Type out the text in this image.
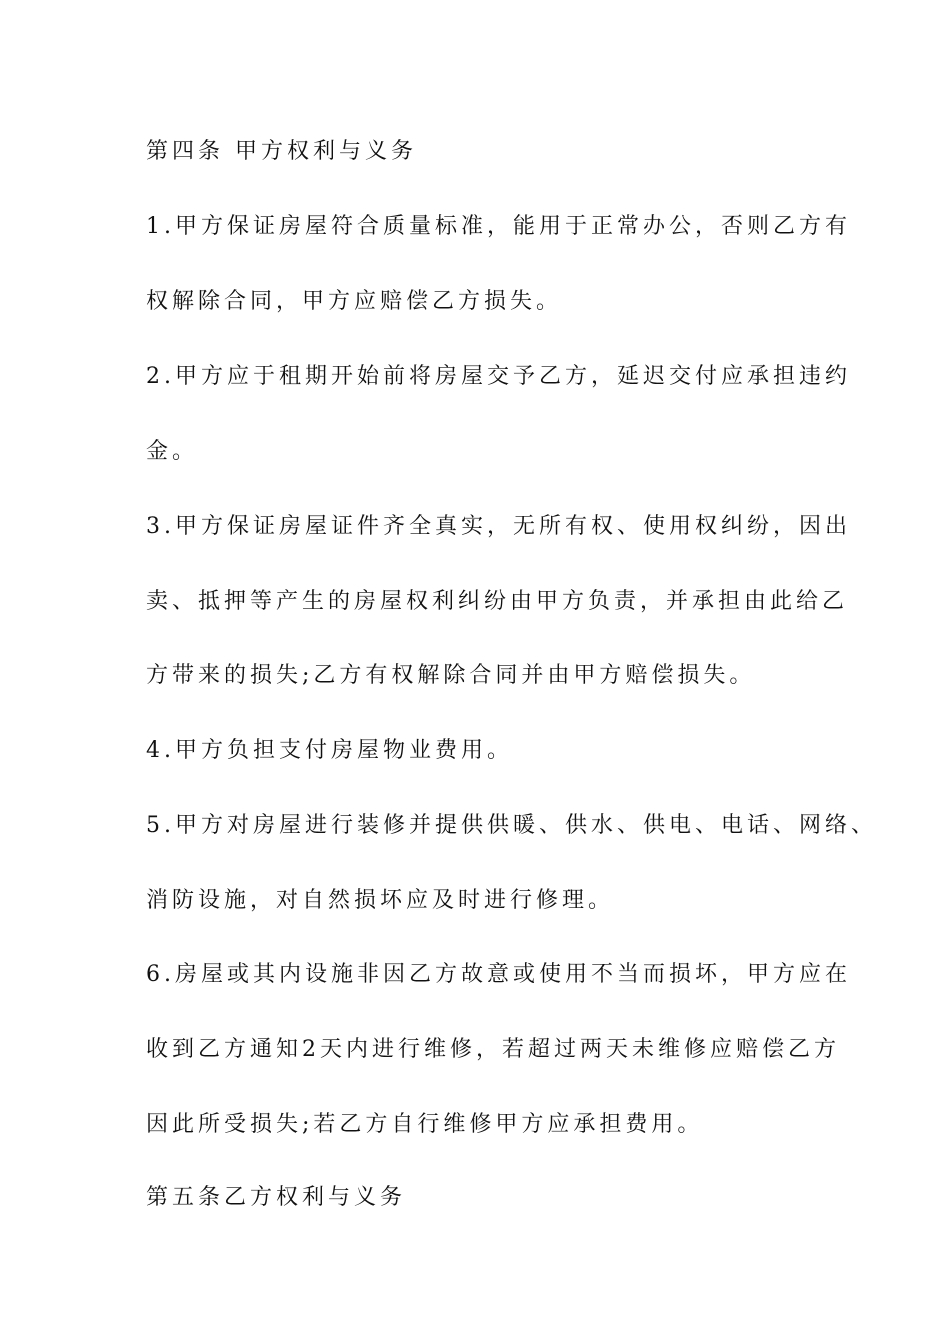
第四条 甲方权利与义务

1.甲方保证房屋符合质量标准，能用于正常办公，否则乙方有

权解除合同，甲方应赔偿乙方损失。

2.甲方应于租期开始前将房屋交予乙方，延迟交付应承担违约

金。

3.甲方保证房屋证件齐全真实，无所有权、使用权纠纷，因出

卖、抵押等产生的房屋权利纠纷由甲方负责，并承担由此给乙

方带来的损失;乙方有权解除合同并由甲方赔偿损失。

4.甲方负担支付房屋物业费用。

5.甲方对房屋进行装修并提供供暖、供水、供电、电话、网络、

消防设施，对自然损坏应及时进行修理。

6.房屋或其内设施非因乙方故意或使用不当而损坏，甲方应在

收到乙方通知2天内进行维修，若超过两天未维修应赔偿乙方

因此所受损失;若乙方自行维修甲方应承担费用。

第五条乙方权利与义务
